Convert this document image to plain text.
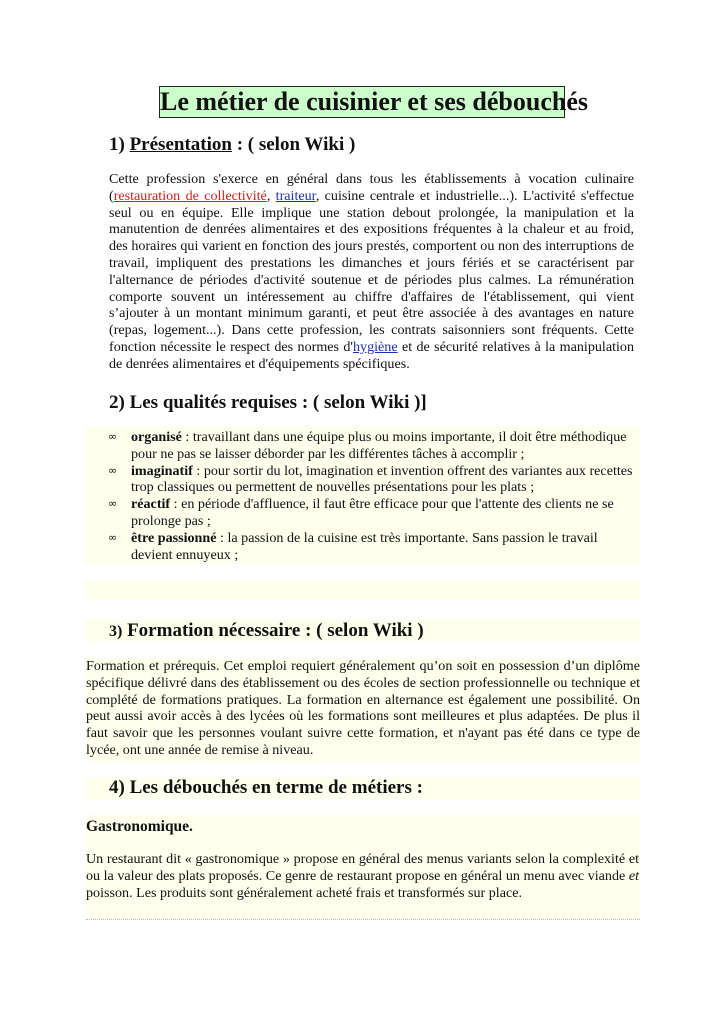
Le métier de cuisinier et ses débouchés
1) Présentation : ( selon Wiki )
Cette profession s'exerce en général dans tous les établissements à vocation culinaire (restauration de collectivité, traiteur, cuisine centrale et industrielle...). L'activité s'effectue seul ou en équipe. Elle implique une station debout prolongée, la manipulation et la manutention de denrées alimentaires et des expositions fréquentes à la chaleur et au froid, des horaires qui varient en fonction des jours prestés, comportent ou non des interruptions de travail, impliquent des prestations les dimanches et jours fériés et se caractérisent par l'alternance de périodes d'activité soutenue et de périodes plus calmes. La rémunération comporte souvent un intéressement au chiffre d'affaires de l'établissement, qui vient s’ajouter à un montant minimum garanti, et peut être associée à des avantages en nature (repas, logement...). Dans cette profession, les contrats saisonniers sont fréquents. Cette fonction nécessite le respect des normes d'hygiène et de sécurité relatives à la manipulation de denrées alimentaires et d'équipements spécifiques.
2) Les qualités requises : ( selon Wiki )]
∞ organisé : travaillant dans une équipe plus ou moins importante, il doit être méthodique pour ne pas se laisser déborder par les différentes tâches à accomplir ;
∞ imaginatif : pour sortir du lot, imagination et invention offrent des variantes aux recettes trop classiques ou permettent de nouvelles présentations pour les plats ;
∞ réactif : en période d'affluence, il faut être efficace pour que l'attente des clients ne se prolonge pas ;
∞ être passionné : la passion de la cuisine est très importante. Sans passion le travail devient ennuyeux ;
3) Formation nécessaire : ( selon Wiki )
Formation et prérequis. Cet emploi requiert généralement qu’on soit en possession d’un diplôme spécifique délivré dans des établissement ou des écoles de section professionnelle ou technique et complété de formations pratiques. La formation en alternance est également une possibilité. On peut aussi avoir accès à des lycées où les formations sont meilleures et plus adaptées. De plus il faut savoir que les personnes voulant suivre cette formation, et n'ayant pas été dans ce type de lycée, ont une année de remise à niveau.
4) Les débouchés en terme de métiers :
Gastronomique.
Un restaurant dit « gastronomique » propose en général des menus variants selon la complexité et ou la valeur des plats proposés. Ce genre de restaurant propose en général un menu avec viande et poisson. Les produits sont généralement acheté frais et transformés sur place.
